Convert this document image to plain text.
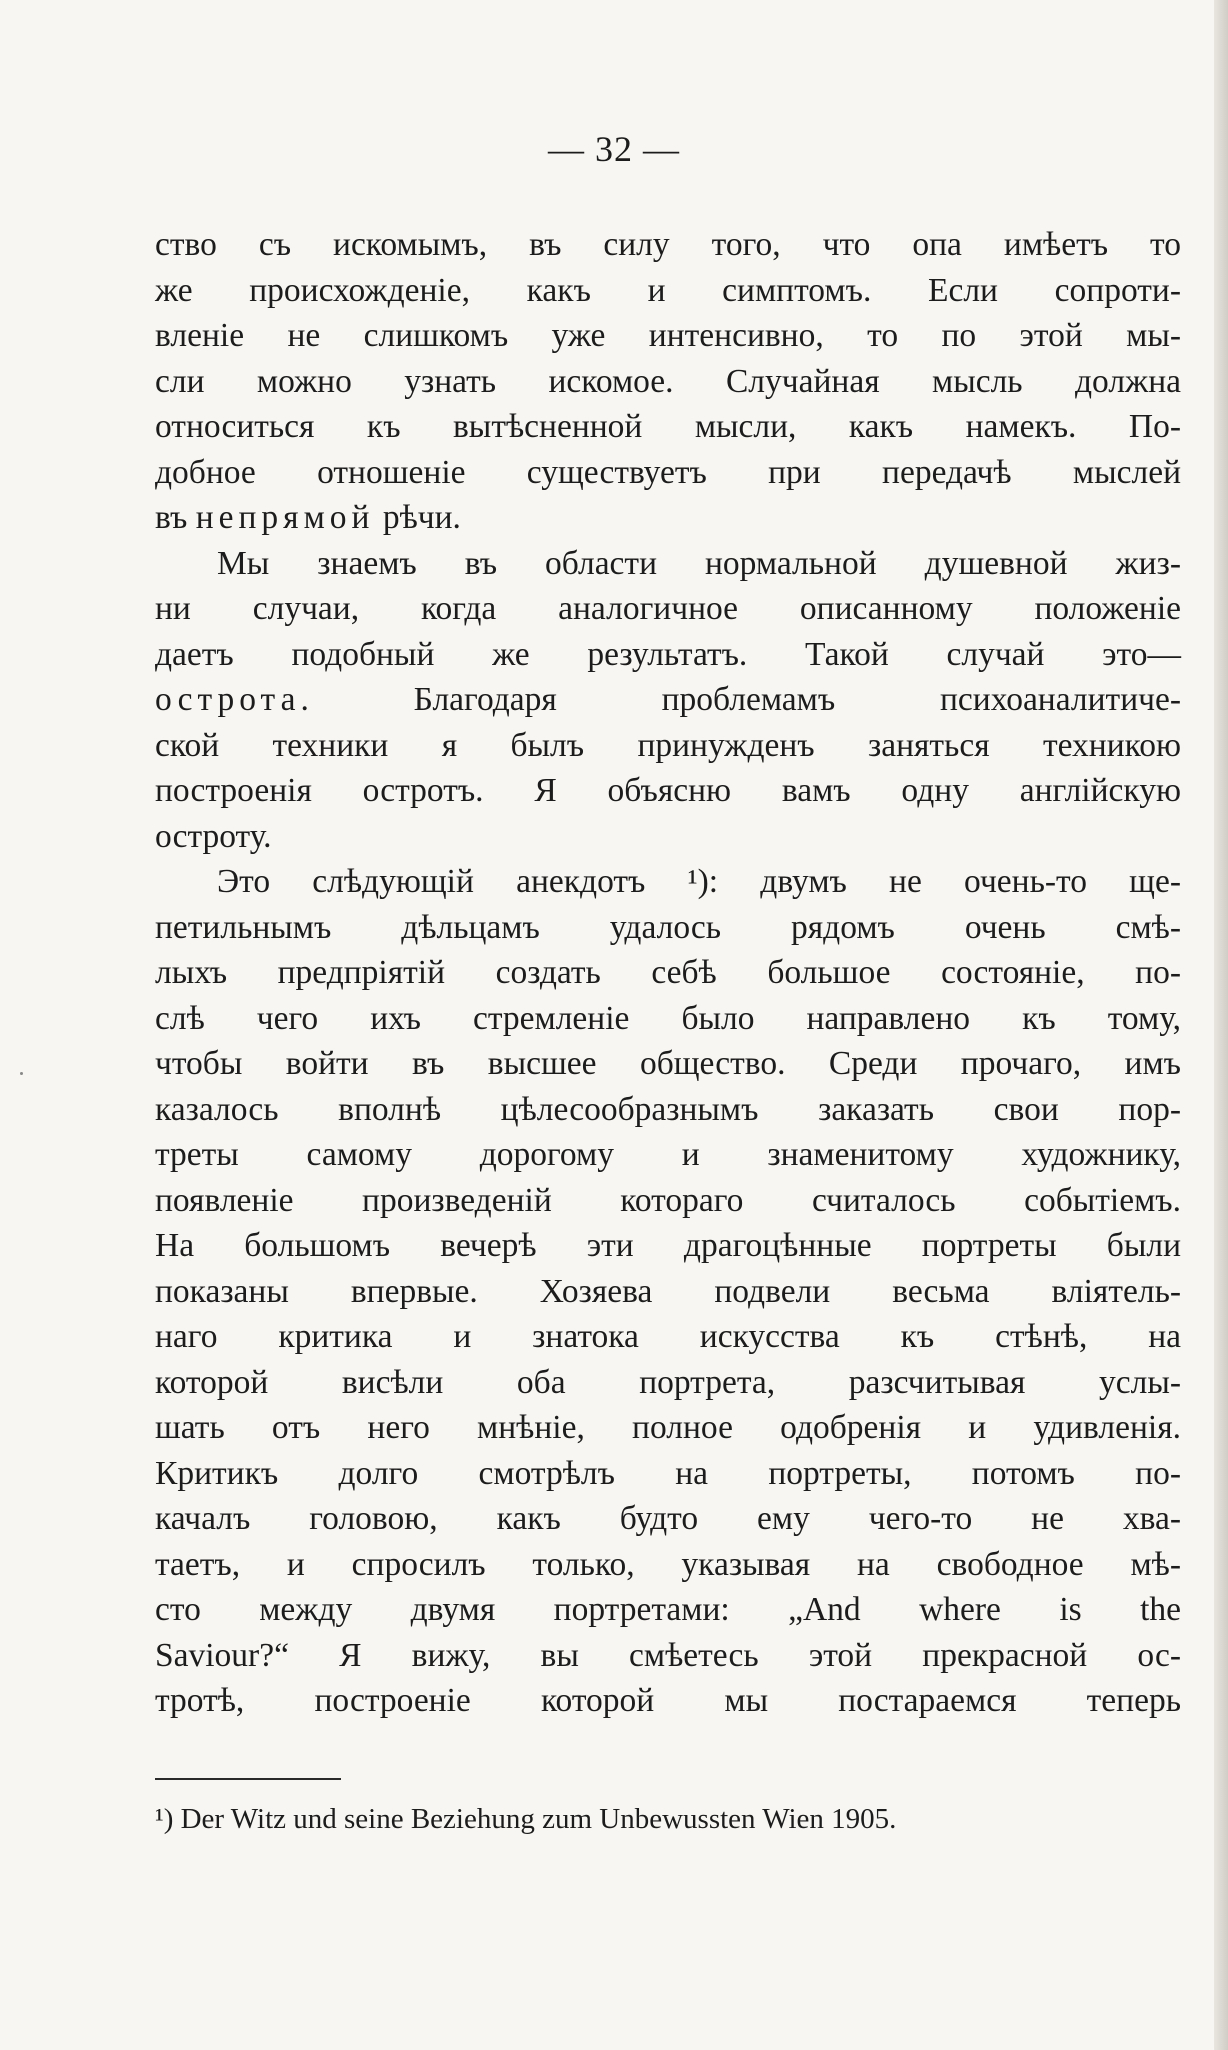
— 32 —
ство съ искомымъ, въ силу того, что опа имѣетъ то
же происхожденіе, какъ и симптомъ. Если сопроти-
вленіе не слишкомъ уже интенсивно, то по этой мы-
сли можно узнать искомое. Случайная мысль должна
относиться къ вытѣсненной мысли, какъ намекъ. По-
добное отношеніе существуетъ при передачѣ мыслей
въ непрямой рѣчи.
Мы знаемъ въ области нормальной душевной жиз-
ни случаи, когда аналогичное описанному положеніе
даетъ подобный же результатъ. Такой случай это—
острота. Благодаря проблемамъ психоаналитиче-
ской техники я былъ принужденъ заняться техникою
построенія остротъ. Я объясню вамъ одну англійскую
остроту.
Это слѣдующій анекдотъ ¹): двумъ не очень-то ще-
петильнымъ дѣльцамъ удалось рядомъ очень смѣ-
лыхъ предпріятій создать себѣ большое состояніе, по-
слѣ чего ихъ стремленіе было направлено къ тому,
чтобы войти въ высшее общество. Среди прочаго, имъ
казалось вполнѣ цѣлесообразнымъ заказать свои пор-
треты самому дорогому и знаменитому художнику,
появленіе произведеній котораго считалось событіемъ.
На большомъ вечерѣ эти драгоцѣнные портреты были
показаны впервые. Хозяева подвели весьма вліятель-
наго критика и знатока искусства къ стѣнѣ, на
которой висѣли оба портрета, разсчитывая услы-
шать отъ него мнѣніе, полное одобренія и удивленія.
Критикъ долго смотрѣлъ на портреты, потомъ по-
качалъ головою, какъ будто ему чего-то не хва-
таетъ, и спросилъ только, указывая на свободное мѣ-
сто между двумя портретами: „And where is the
Saviour?“ Я вижу, вы смѣетесь этой прекрасной ос-
тротѣ, построеніе которой мы постараемся теперь
¹) Der Witz und seine Beziehung zum Unbewussten Wien 1905.
